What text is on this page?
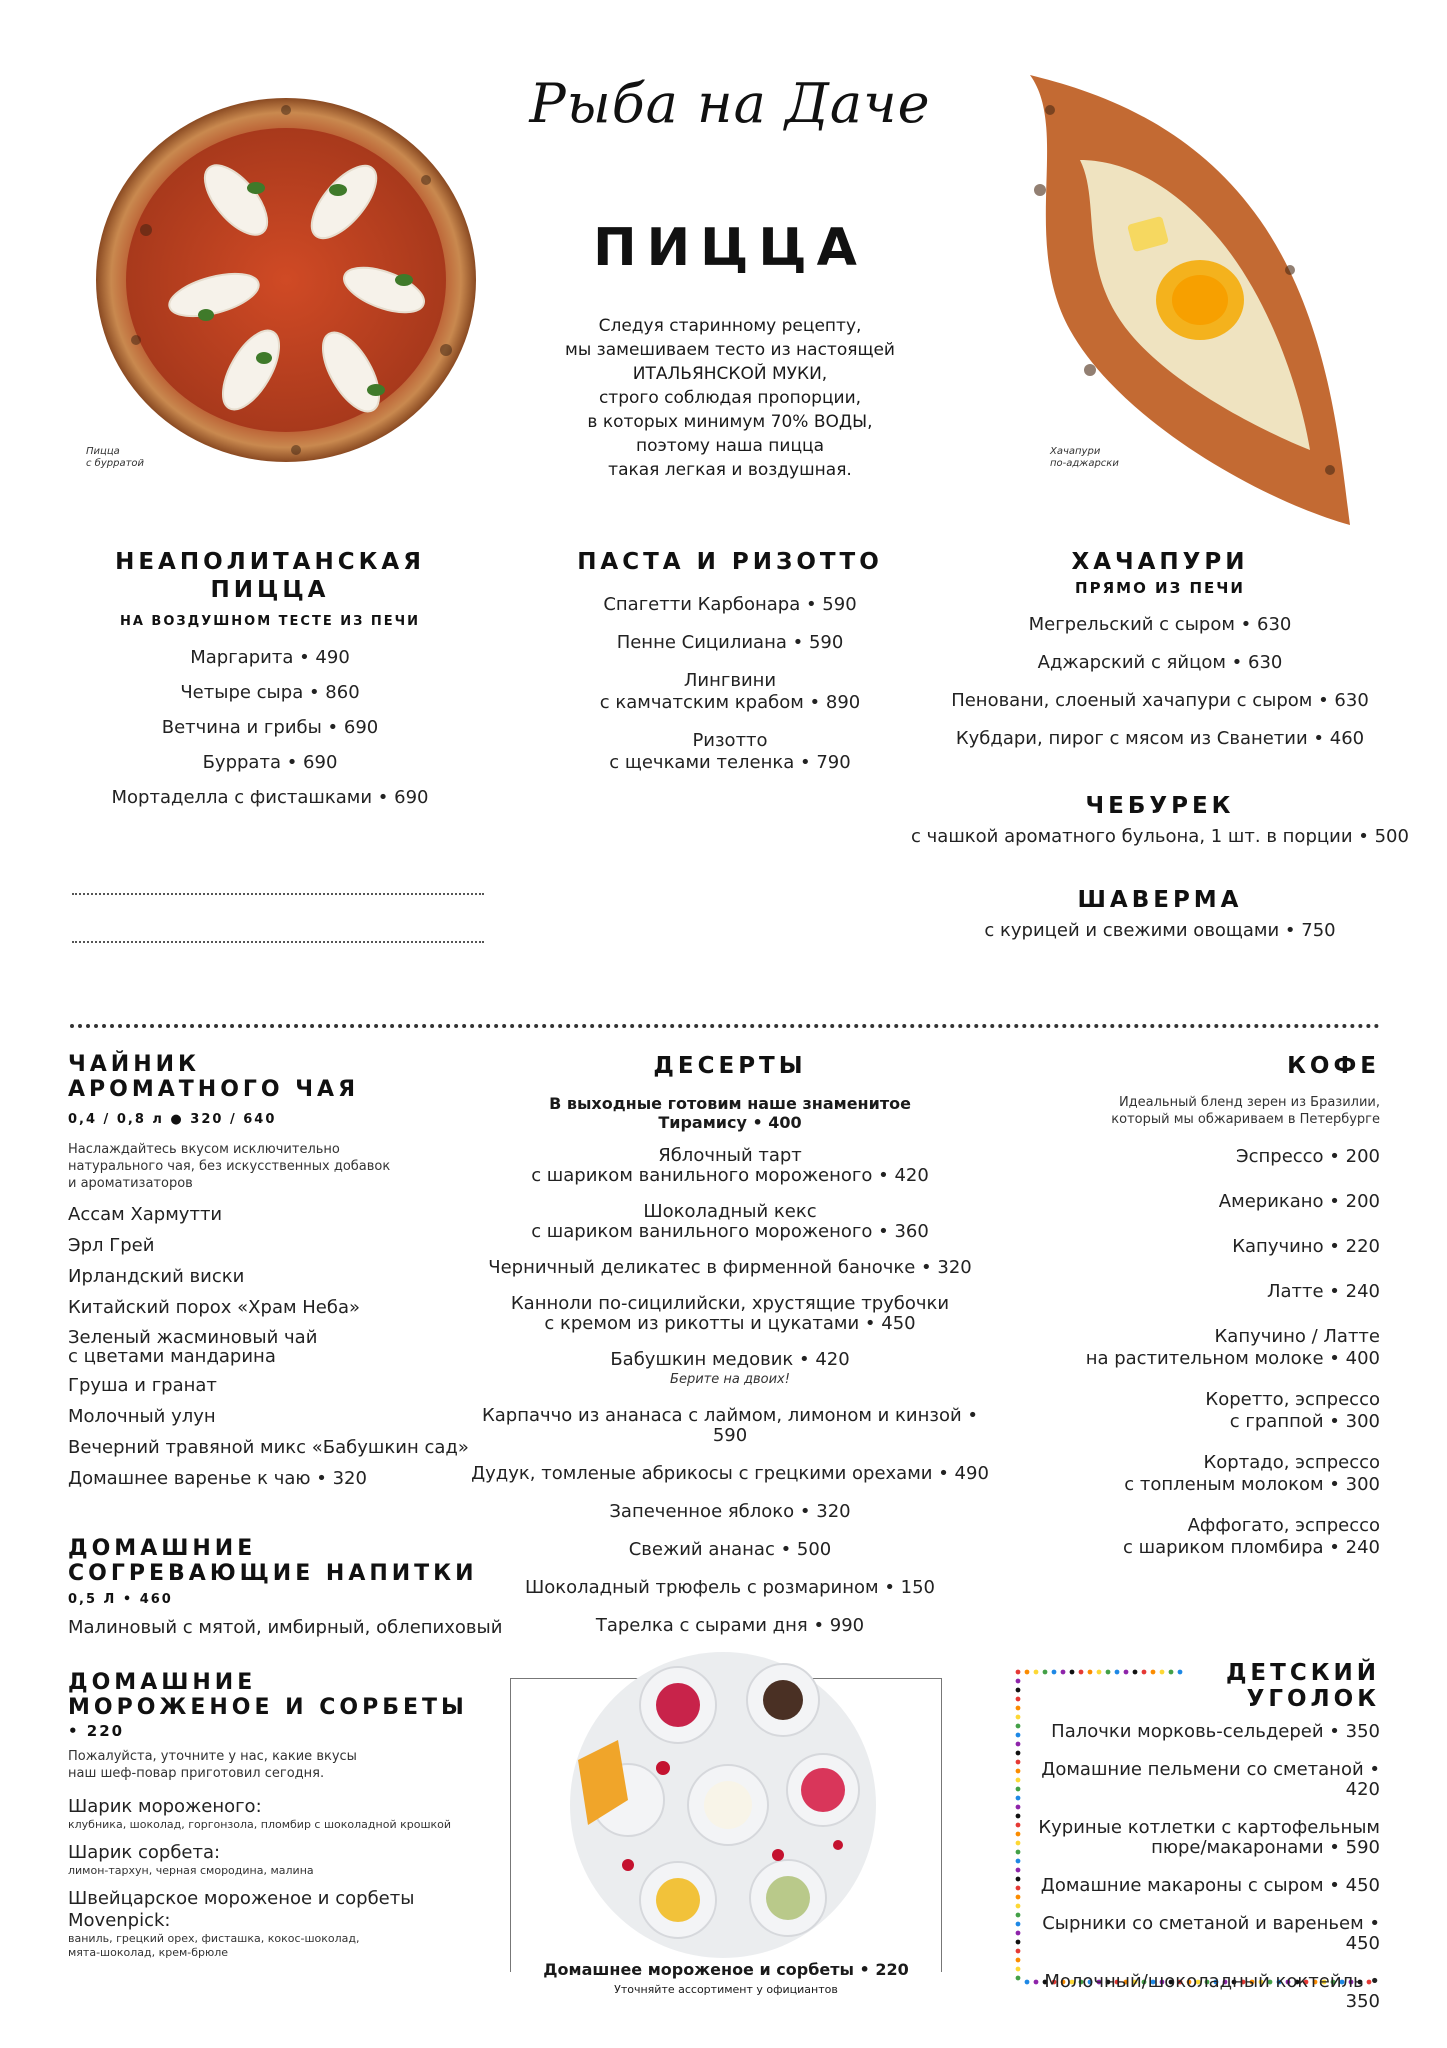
Рыба на Даче
Пицца
с бурратой
Хачапури
по-аджарски
ПИЦЦА
Следуя старинному рецепту,
мы замешиваем тесто из настоящей
ИТАЛЬЯНСКОЙ МУКИ,
строго соблюдая пропорции,
в которых минимум 70% ВОДЫ,
поэтому наша пицца
такая легкая и воздушная.
НЕАПОЛИТАНСКАЯ
ПИЦЦА
НА ВОЗДУШНОМ ТЕСТЕ ИЗ ПЕЧИ
Маргарита • 490
Четыре сыра • 860
Ветчина и грибы • 690
Буррата • 690
Мортаделла с фисташками • 690
ПАСТА И РИЗОТТО
Спагетти Карбонара • 590
Пенне Сицилиана • 590
Лингвини
с камчатским крабом • 890
Ризотто
с щечками теленка • 790
ХАЧАПУРИ
ПРЯМО ИЗ ПЕЧИ
Мегрельский с сыром • 630
Аджарский с яйцом • 630
Пеновани, слоеный хачапури с сыром • 630
Кубдари, пирог с мясом из Сванетии • 460
ЧЕБУРЕК
с чашкой ароматного бульона, 1 шт. в порции • 500
ШАВЕРМА
с курицей и свежими овощами • 750
ЧАЙНИК
АРОМАТНОГО ЧАЯ
0,4 / 0,8 л ● 320 / 640
Наслаждайтесь вкусом исключительно
натурального чая, без искусственных добавок
и ароматизаторов
Ассам Хармутти
Эрл Грей
Ирландский виски
Китайский порох «Храм Неба»
Зеленый жасминовый чай
с цветами мандарина
Груша и гранат
Молочный улун
Вечерний травяной микс «Бабушкин сад»
Домашнее варенье к чаю • 320
ДОМАШНИЕ
СОГРЕВАЮЩИЕ НАПИТКИ
0,5 Л • 460
Малиновый с мятой, имбирный, облепиховый
ДОМАШНИЕ
МОРОЖЕНОЕ И СОРБЕТЫ
• 220
Пожалуйста, уточните у нас, какие вкусы
наш шеф-повар приготовил сегодня.
Шарик мороженого:
клубника, шоколад, горгонзола, пломбир с шоколадной крошкой
Шарик сорбета:
лимон-тархун, черная смородина, малина
Швейцарское мороженое и сорбеты Movenpick:
ваниль, грецкий орех, фисташка, кокос-шоколад,
мята-шоколад, крем-брюле
ДЕСЕРТЫ
В выходные готовим наше знаменитое
Тирамису • 400
Яблочный тарт
с шариком ванильного мороженого • 420
Шоколадный кекс
с шариком ванильного мороженого • 360
Черничный деликатес в фирменной баночке • 320
Канноли по-сицилийски, хрустящие трубочки
с кремом из рикотты и цукатами • 450
Бабушкин медовик • 420
Берите на двоих!
Карпаччо из ананаса с лаймом, лимоном и кинзой • 590
Дудук, томленые абрикосы с грецкими орехами • 490
Запеченное яблоко • 320
Свежий ананас • 500
Шоколадный трюфель с розмарином • 150
Тарелка с сырами дня • 990
Домашнее мороженое и сорбеты • 220
Уточняйте ассортимент у официантов
КОФЕ
Идеальный бленд зерен из Бразилии,
который мы обжариваем в Петербурге
Эспрессо • 200
Американо • 200
Капучино • 220
Латте • 240
Капучино / Латте
на растительном молоке • 400
Коретто, эспрессо
с граппой • 300
Кортадо, эспрессо
с топленым молоком • 300
Аффогато, эспрессо
с шариком пломбира • 240
ДЕТСКИЙ
УГОЛОК
Палочки морковь-сельдерей • 350
Домашние пельмени со сметаной • 420
Куриные котлетки с картофельным
пюре/макаронами • 590
Домашние макароны с сыром • 450
Сырники со сметаной и вареньем • 450
Молочный/шоколадный коктейль • 350
